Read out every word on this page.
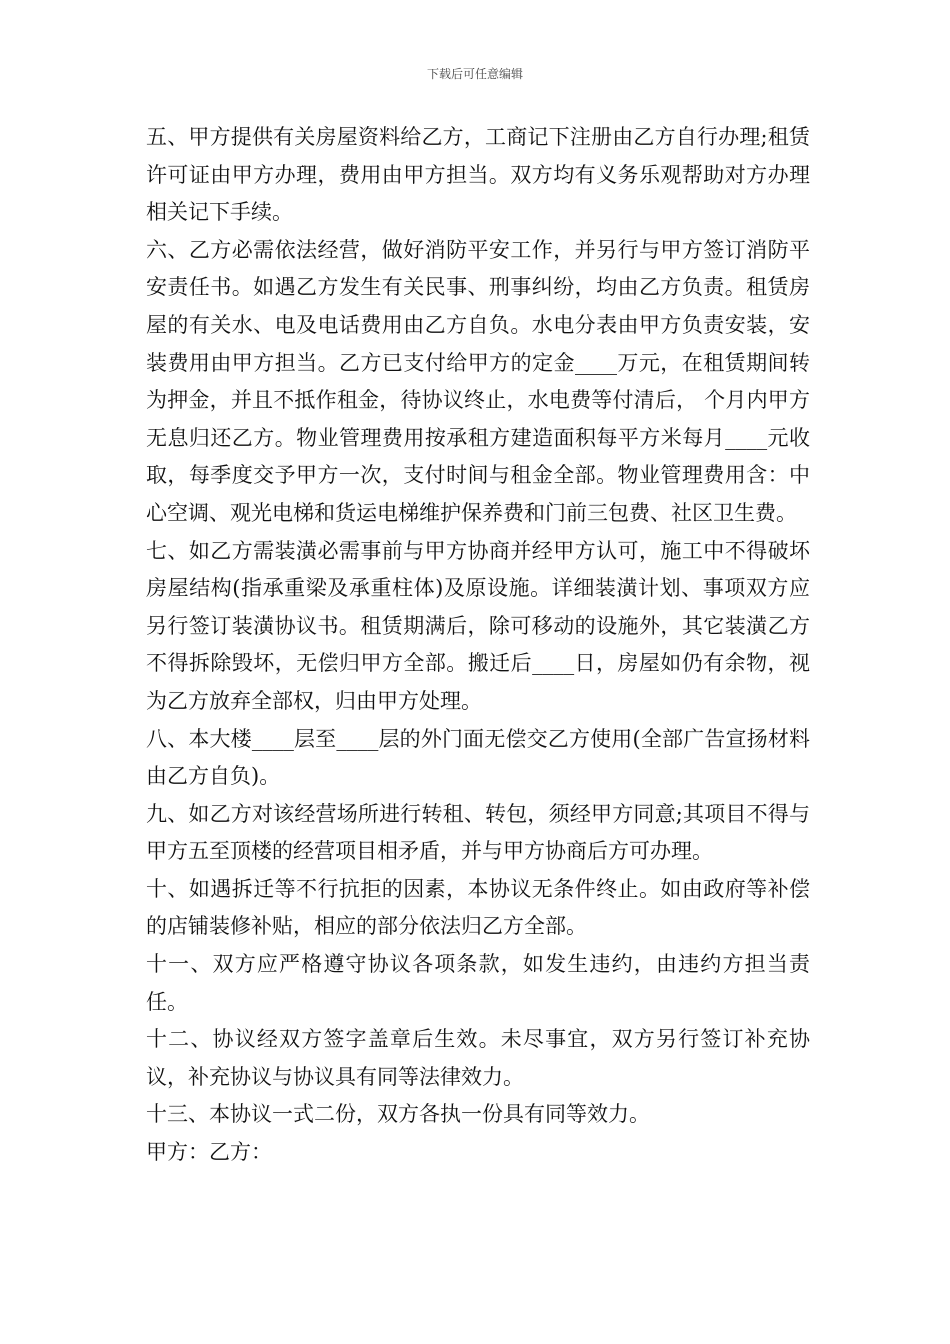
下载后可任意编辑

五、甲方提供有关房屋资料给乙方，工商记下注册由乙方自行办理;租赁许可证由甲方办理，费用由甲方担当。双方均有义务乐观帮助对方办理相关记下手续。

六、乙方必需依法经营，做好消防平安工作，并另行与甲方签订消防平安责任书。如遇乙方发生有关民事、刑事纠纷，均由乙方负责。租赁房屋的有关水、电及电话费用由乙方自负。水电分表由甲方负责安装，安装费用由甲方担当。乙方已支付给甲方的定金____万元，在租赁期间转为押金，并且不抵作租金，待协议终止，水电费等付清后， 个月内甲方无息归还乙方。物业管理费用按承租方建造面积每平方米每月____元收取，每季度交予甲方一次，支付时间与租金全部。物业管理费用含：中心空调、观光电梯和货运电梯维护保养费和门前三包费、社区卫生费。

七、如乙方需装潢必需事前与甲方协商并经甲方认可，施工中不得破坏房屋结构(指承重梁及承重柱体)及原设施。详细装潢计划、事项双方应另行签订装潢协议书。租赁期满后，除可移动的设施外，其它装潢乙方不得拆除毁坏，无偿归甲方全部。搬迁后____日，房屋如仍有余物，视为乙方放弃全部权，归由甲方处理。

八、本大楼____层至____层的外门面无偿交乙方使用(全部广告宣扬材料由乙方自负)。

九、如乙方对该经营场所进行转租、转包，须经甲方同意;其项目不得与甲方五至顶楼的经营项目相矛盾，并与甲方协商后方可办理。

十、如遇拆迁等不行抗拒的因素，本协议无条件终止。如由政府等补偿的店铺装修补贴，相应的部分依法归乙方全部。

十一、双方应严格遵守协议各项条款，如发生违约，由违约方担当责任。

十二、协议经双方签字盖章后生效。未尽事宜，双方另行签订补充协议，补充协议与协议具有同等法律效力。

十三、本协议一式二份，双方各执一份具有同等效力。

甲方：乙方：
